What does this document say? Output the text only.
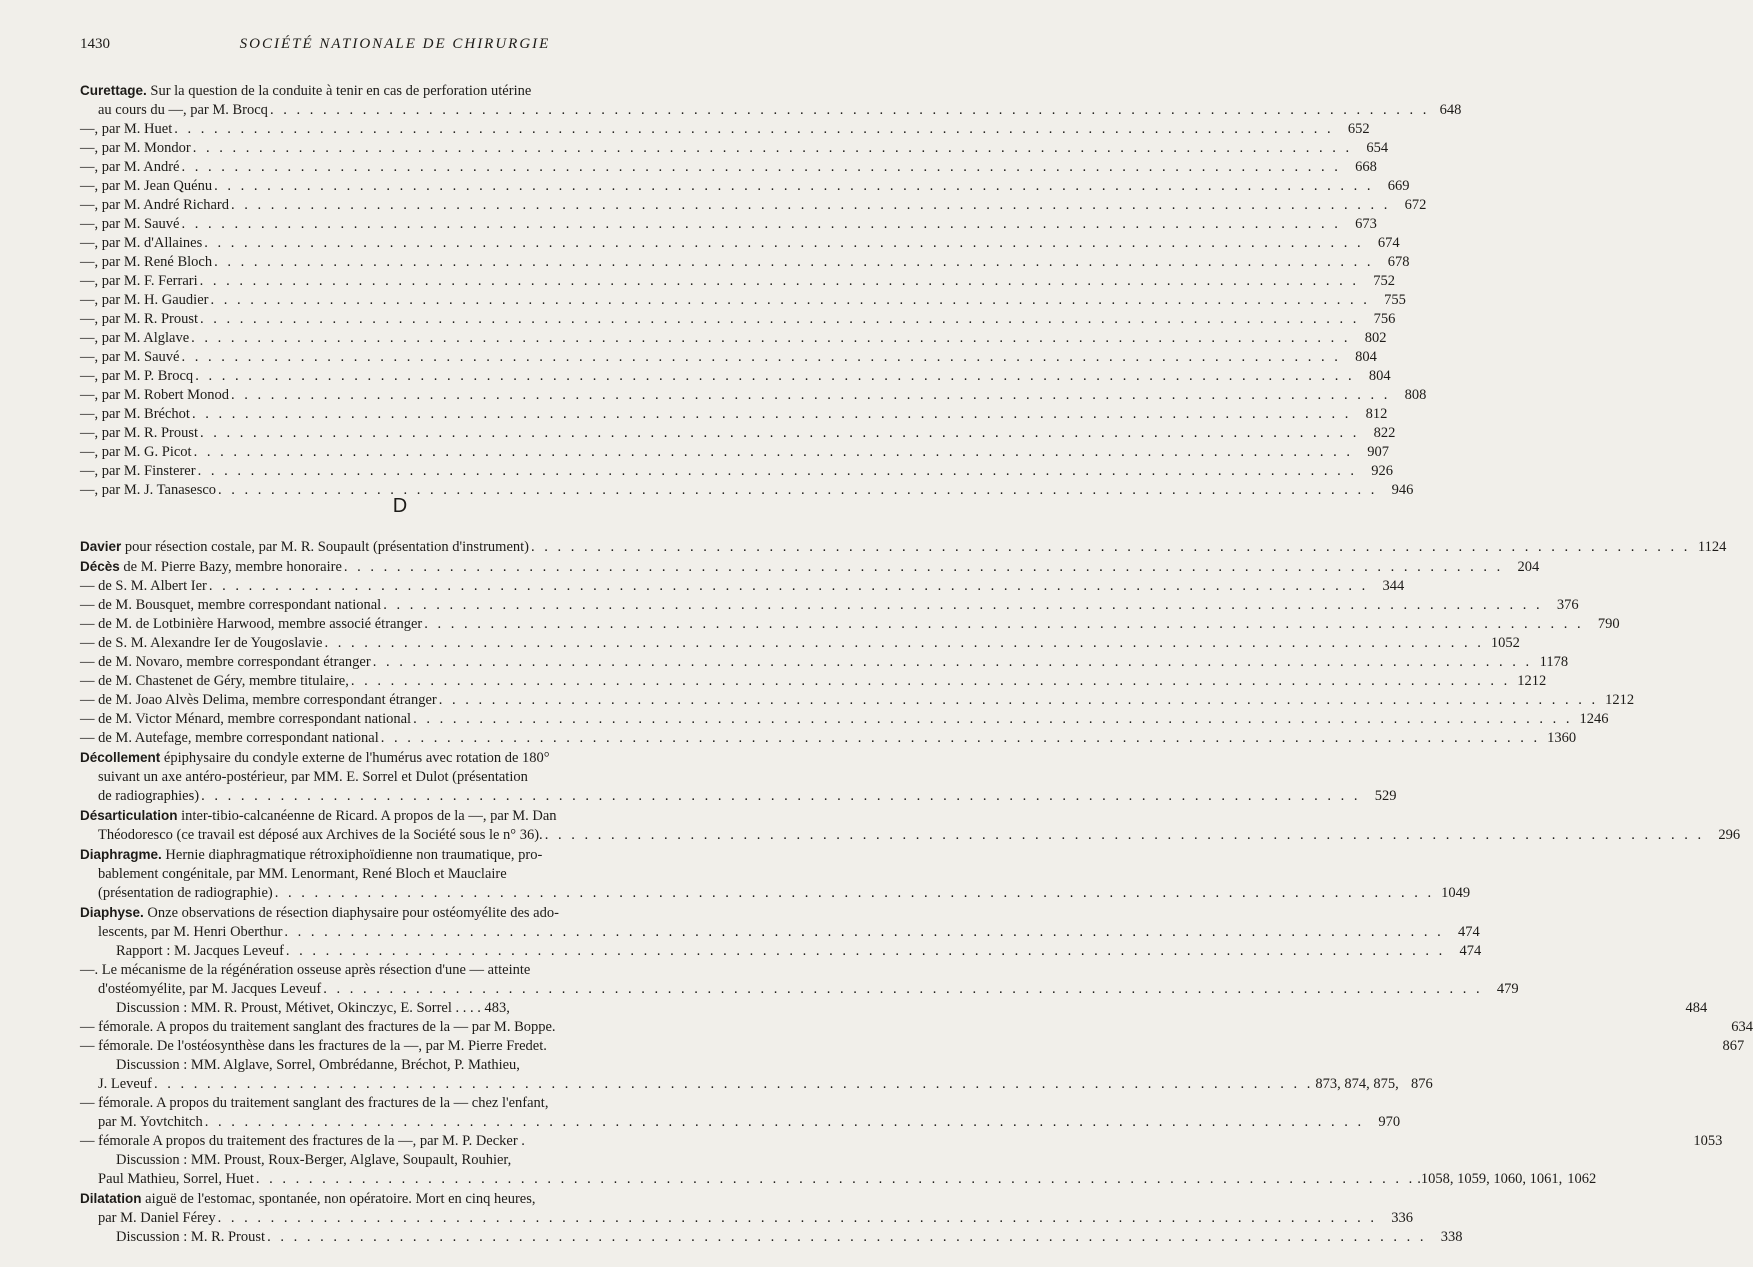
1430	SOCIÉTÉ NATIONALE DE CHIRURGIE
Curettage. Sur la question de la conduite à tenir en cas de perforation utérine
au cours du —, par M. Brocq . . .	648
—, par M. Huet . . .	652
—, par M. Mondor . . .	654
—, par M. André . . .	668
—, par M. Jean Quénu . . .	669
—, par M. André Richard . . .	672
—, par M. Sauvé . . .	673
—, par M. d'Allaines . . .	674
—, par M. René Bloch . . .	678
—, par M. F. Ferrari . . .	752
—, par M. H. Gaudier . . .	755
—, par M. R. Proust . . .	756
—, par M. Alglave . . .	802
—, par M. Sauvé . . .	804
—, par M. P. Brocq . . .	804
—, par M. Robert Monod . . .	808
—, par M. Bréchot . . .	812
—, par M. R. Proust . . .	822
—, par M. G. Picot . . .	907
—, par M. Finsterer . . .	926
—, par M. J. Tanasesco . . .	946
D
Davier pour résection costale, par M. R. Soupault (présentation d'instrument) . . .	1124
Décès de M. Pierre Bazy, membre honoraire . . .	204
— de S. M. Albert Ier . . .	344
— de M. Bousquet, membre correspondant national . . .	376
— de M. de Lotbinière Harwood, membre associé étranger . . .	790
— de S. M. Alexandre Ier de Yougoslavie . . .	1052
— de M. Novaro, membre correspondant étranger . . .	1178
— de M. Chastenet de Géry, membre titulaire, . . .	1212
— de M. Joao Alvès Delima, membre correspondant étranger . . .	1212
— de M. Victor Ménard, membre correspondant national . . .	1246
— de M. Autefage, membre correspondant national . . .	1360
Décollement épiphysaire du condyle externe de l'humérus avec rotation de 180°
suivant un axe antéro-postérieur, par MM. E. Sorrel et Dulot (présentation
de radiographies) . . .	529
Désarticulation inter-tibio-calcanéenne de Ricard. A propos de la —, par M. Dan
Théodoresco (ce travail est déposé aux Archives de la Société sous le n° 36). . . .	296
Diaphragme. Hernie diaphragmatique rétroxiphoïdienne non traumatique, pro-
bablement congénitale, par MM. Lenormant, René Bloch et Mauclaire
(présentation de radiographie) . . .	1049
Diaphyse. Onze observations de résection diaphysaire pour ostéomyélite des ado-
lescents, par M. Henri Oberthur . . .	474
Rapport : M. Jacques Leveuf . . .	474
—. Le mécanisme de la régénération osseuse après résection d'une — atteinte
d'ostéomyélite, par M. Jacques Leveuf . . .	479
Discussion : MM. R. Proust, Métivet, Okinczyc, E. Sorrel . . . . 483,	484
— fémorale. A propos du traitement sanglant des fractures de la — par M. Boppe.	634
— fémorale. De l'ostéosynthèse dans les fractures de la —, par M. Pierre Fredet.	867
Discussion : MM. Alglave, Sorrel, Ombrédanne, Bréchot, P. Mathieu,
J. Leveuf . . .	873, 874, 875, 876
— fémorale. A propos du traitement sanglant des fractures de la — chez l'enfant,
par M. Yovtchitch . . .	970
— fémorale A propos du traitement des fractures de la —, par M. P. Decker .	1053
Discussion : MM. Proust, Roux-Berger, Alglave, Soupault, Rouhier,
Paul Mathieu, Sorrel, Huet . . .	.1058, 1059, 1060, 1061, 1062
Dilatation aiguë de l'estomac, spontanée, non opératoire. Mort en cinq heures,
par M. Daniel Férey . . .	336
Discussion : M. R. Proust . . .	338
